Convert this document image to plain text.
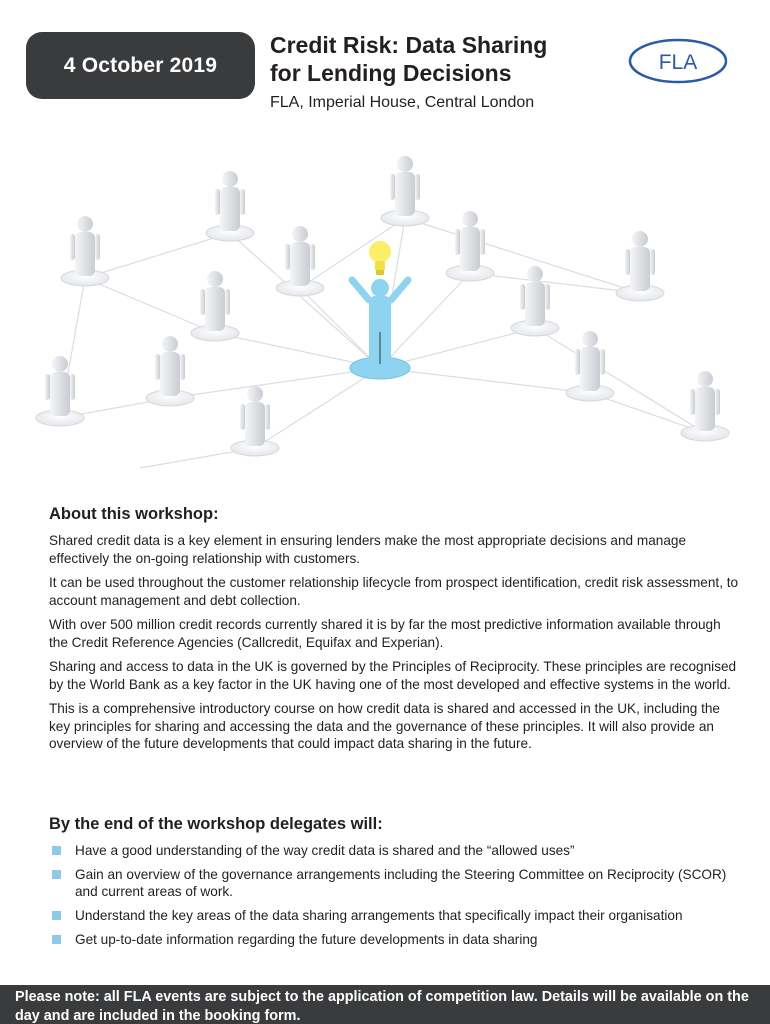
4 October 2019
Credit Risk: Data Sharing
for Lending Decisions
FLA, Imperial House, Central London
FLA
About this workshop:

Shared credit data is a key element in ensuring lenders make the most appropriate decisions and manage effectively the on-going relationship with customers.

It can be used throughout the customer relationship lifecycle from prospect identification, credit risk assessment, to account management and debt collection.

With over 500 million credit records currently shared it is by far the most predictive information available through the Credit Reference Agencies (Callcredit, Equifax and Experian).

Sharing and access to data in the UK is governed by the Principles of Reciprocity. These principles are recognised by the World Bank as a key factor in the UK having one of the most developed and effective systems in the world.

This is a comprehensive introductory course on how credit data is shared and accessed in the UK, including the key principles for sharing and accessing the data and the governance of these principles. It will also provide an overview of the future developments that could impact data sharing in the future.

By the end of the workshop delegates will:
Have a good understanding of the way credit data is shared and the “allowed uses”
Gain an overview of the governance arrangements including the Steering Committee on Reciprocity (SCOR) and current areas of work.
Understand the key areas of the data sharing arrangements that specifically impact their organisation
Get up-to-date information regarding the future developments in data sharing
Please note: all FLA events are subject to the application of competition law. Details will be available on the day and are included in the booking form.
